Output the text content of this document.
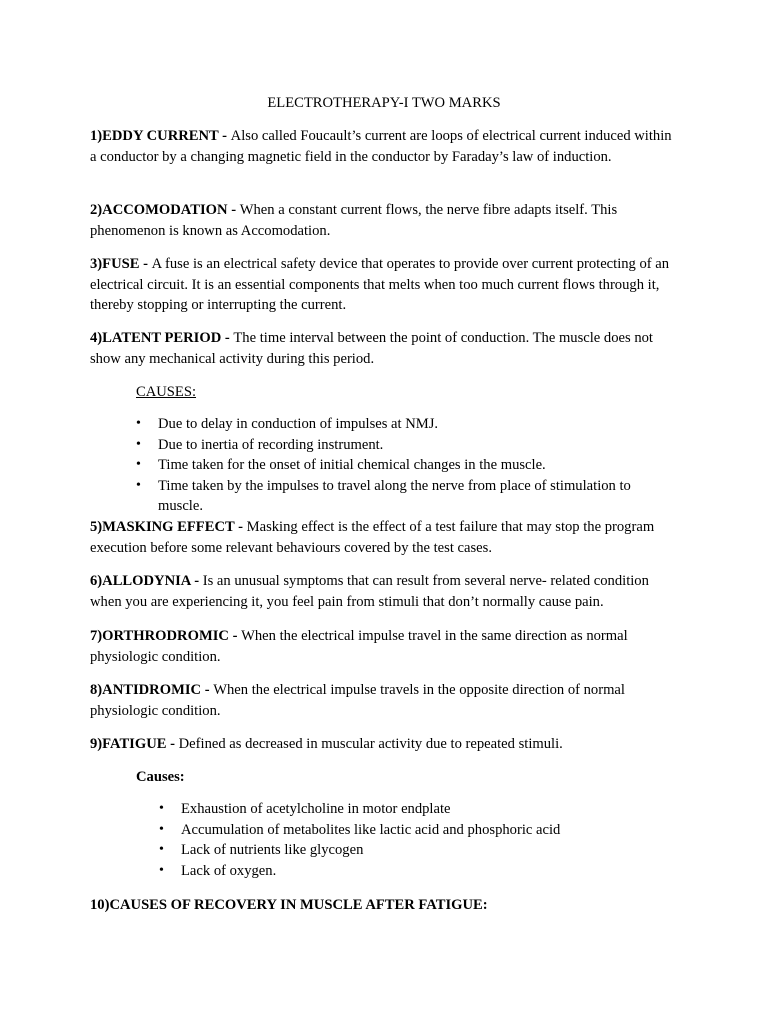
ELECTROTHERAPY-I TWO MARKS

1)EDDY CURRENT - Also called Foucault’s current are loops of electrical current induced within a conductor by a changing magnetic field in the conductor by Faraday’s law of induction.

2)ACCOMODATION - When a constant current flows, the nerve fibre adapts itself. This phenomenon is known as Accomodation.

3)FUSE - A fuse is an electrical safety device that operates to provide over current protecting of an electrical circuit. It is an essential components that melts when too much current flows through it, thereby stopping or interrupting the current.

4)LATENT PERIOD - The time interval between the point of conduction. The muscle does not show any mechanical activity during this period.

CAUSES:

• Due to delay in conduction of impulses at NMJ.
• Due to inertia of recording instrument.
• Time taken for the onset of initial chemical changes in the muscle.
• Time taken by the impulses to travel along the nerve from place of stimulation to muscle.

5)MASKING EFFECT - Masking effect is the effect of a test failure that may stop the program execution before some relevant behaviours covered by the test cases.

6)ALLODYNIA - Is an unusual symptoms that can result from several nerve- related condition when you are experiencing it, you feel pain from stimuli that don’t normally cause pain.

7)ORTHRODROMIC - When the electrical impulse travel in the same direction as normal physiologic condition.

8)ANTIDROMIC - When the electrical impulse travels in the opposite direction of normal physiologic condition.

9)FATIGUE - Defined as decreased in muscular activity due to repeated stimuli.

Causes:

• Exhaustion of acetylcholine in motor endplate
• Accumulation of metabolites like lactic acid and phosphoric acid
• Lack of nutrients like glycogen
• Lack of oxygen.

10)CAUSES OF RECOVERY IN MUSCLE AFTER FATIGUE:
